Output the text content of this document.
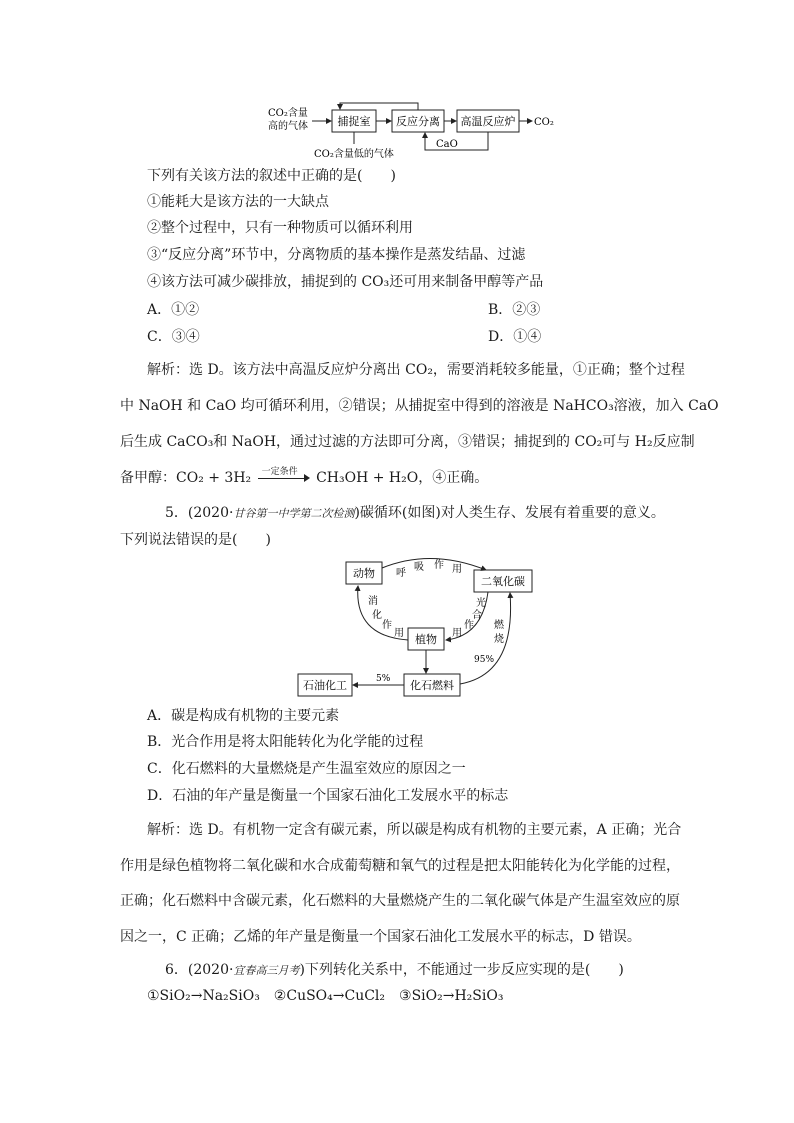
CO₂含量
高的气体	捕捉室 反应分离 高温反应炉 CO₂
CaO
CO₂含量低的气体
下列有关该方法的叙述中正确的是(　　)
①能耗大是该方法的一大缺点
②整个过程中，只有一种物质可以循环利用
③“反应分离”环节中，分离物质的基本操作是蒸发结晶、过滤
④该方法可减少碳排放，捕捉到的 CO₃还可用来制备甲醇等产品
A．①②	B．②③
C．③④	D．①④
解析：选 D。该方法中高温反应炉分离出 CO₂，需要消耗较多能量，①正确；整个过程
中 NaOH 和 CaO 均可循环利用，②错误；从捕捉室中得到的溶液是 NaHCO₃溶液，加入 CaO
后生成 CaCO₃和 NaOH，通过过滤的方法即可分离，③错误；捕捉到的 CO₂可与 H₂反应制
备甲醇：CO₂ + 3H₂ 一定条件 CH₃OH + H₂O，④正确。
5．(2020·甘谷第一中学第二次检测)碳循环(如图)对人类生存、发展有着重要的意义。
下列说法错误的是(　　)
动物
二氧化碳
植物
化石燃料
石油化工
呼
吸 作 用
消
化
作
用
光
合
作
用
燃
烧
95%
5%
A．碳是构成有机物的主要元素
B．光合作用是将太阳能转化为化学能的过程
C．化石燃料的大量燃烧是产生温室效应的原因之一
D．石油的年产量是衡量一个国家石油化工发展水平的标志
解析：选 D。有机物一定含有碳元素，所以碳是构成有机物的主要元素，A 正确；光合
作用是绿色植物将二氧化碳和水合成葡萄糖和氧气的过程是把太阳能转化为化学能的过程，
正确；化石燃料中含碳元素，化石燃料的大量燃烧产生的二氧化碳气体是产生温室效应的原
因之一，C 正确；乙烯的年产量是衡量一个国家石油化工发展水平的标志，D 错误。
6．(2020·宜春高三月考)下列转化关系中，不能通过一步反应实现的是(　　)
①SiO₂→Na₂SiO₃　②CuSO₄→CuCl₂　③SiO₂→H₂SiO₃
